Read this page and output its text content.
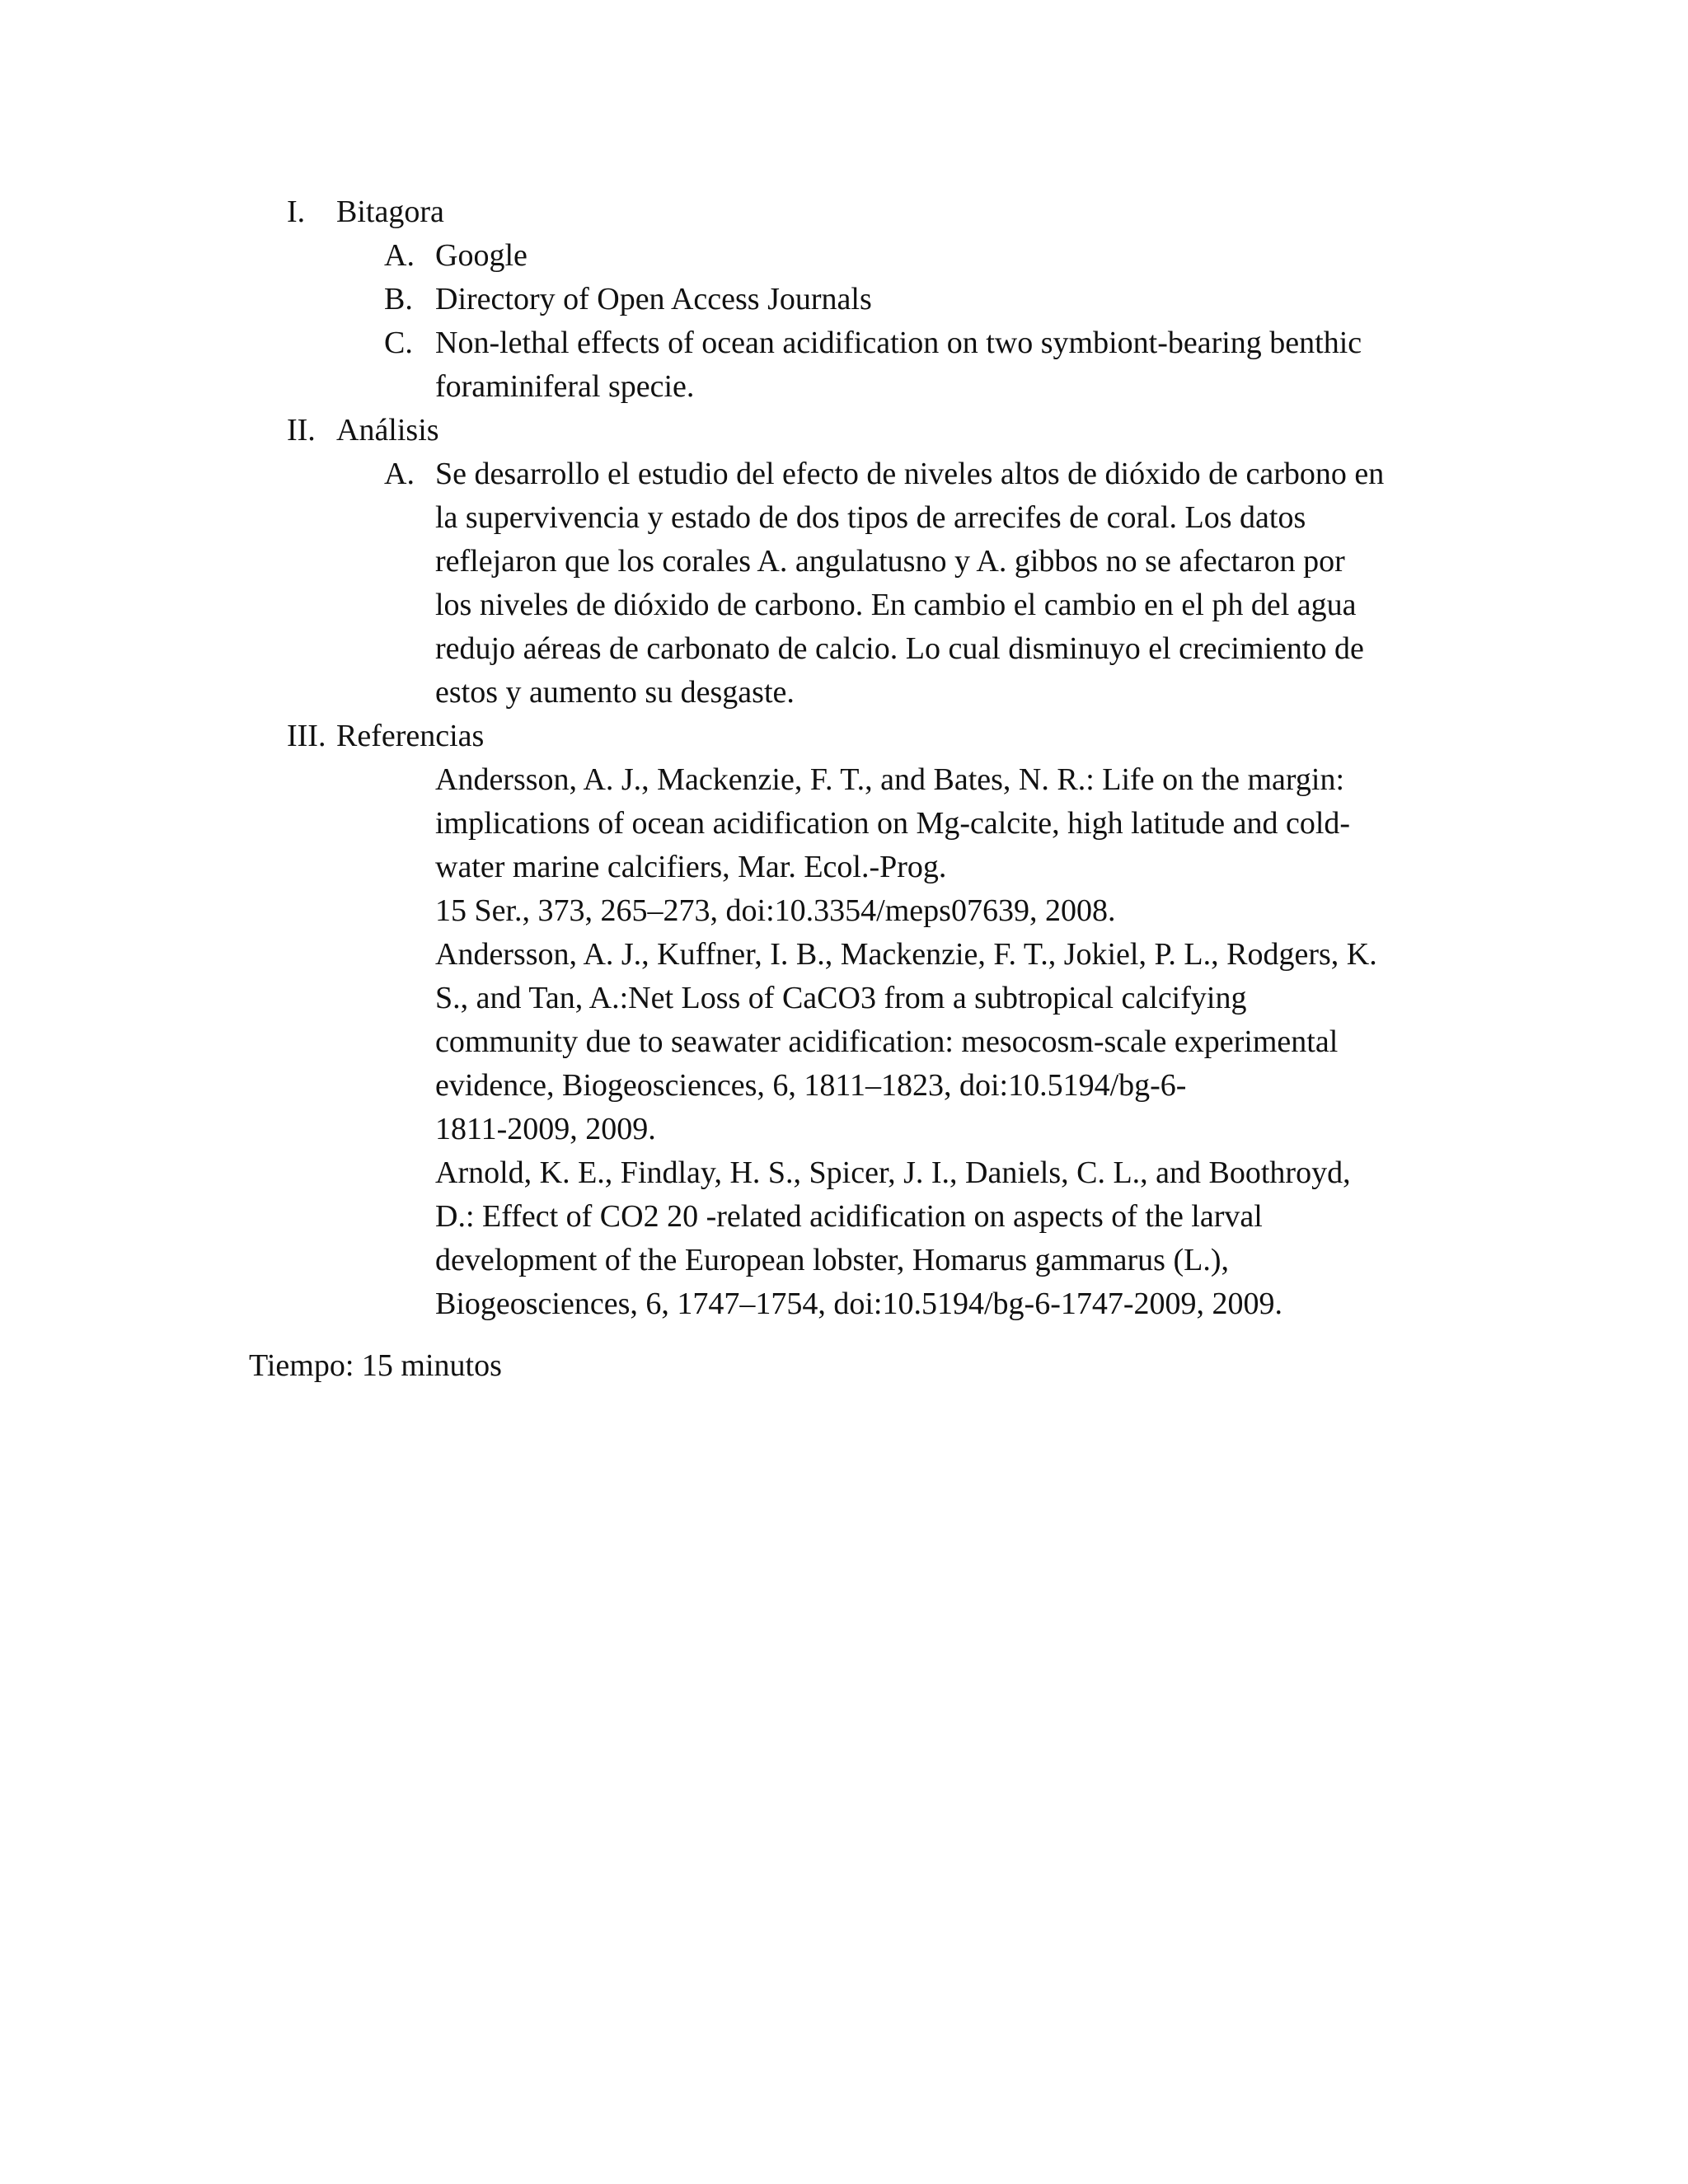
I. Bitagora
A. Google
B. Directory of Open Access Journals
C. Non-lethal effects of ocean acidification on two symbiont-bearing benthic
foraminiferal specie.
II. Análisis
A. Se desarrollo el estudio del efecto de niveles altos de dióxido de carbono en
la supervivencia y estado de dos tipos de arrecifes de coral. Los datos
reflejaron que los corales A. angulatusno y A. gibbos no se afectaron por
los niveles de dióxido de carbono. En cambio el cambio en el ph del agua
redujo aéreas de carbonato de calcio. Lo cual disminuyo el crecimiento de
estos y aumento su desgaste.
III. Referencias
Andersson, A. J., Mackenzie, F. T., and Bates, N. R.: Life on the margin:
implications of ocean acidification on Mg-calcite, high latitude and cold-
water marine calcifiers, Mar. Ecol.-Prog.
15 Ser., 373, 265–273, doi:10.3354/meps07639, 2008.
Andersson, A. J., Kuffner, I. B., Mackenzie, F. T., Jokiel, P. L., Rodgers, K.
S., and Tan, A.:Net Loss of CaCO3 from a subtropical calcifying
community due to seawater acidification: mesocosm-scale experimental
evidence, Biogeosciences, 6, 1811–1823, doi:10.5194/bg-6-
1811-2009, 2009.
Arnold, K. E., Findlay, H. S., Spicer, J. I., Daniels, C. L., and Boothroyd,
D.: Effect of CO2 20 -related acidification on aspects of the larval
development of the European lobster, Homarus gammarus (L.),
Biogeosciences, 6, 1747–1754, doi:10.5194/bg-6-1747-2009, 2009.
Tiempo: 15 minutos
